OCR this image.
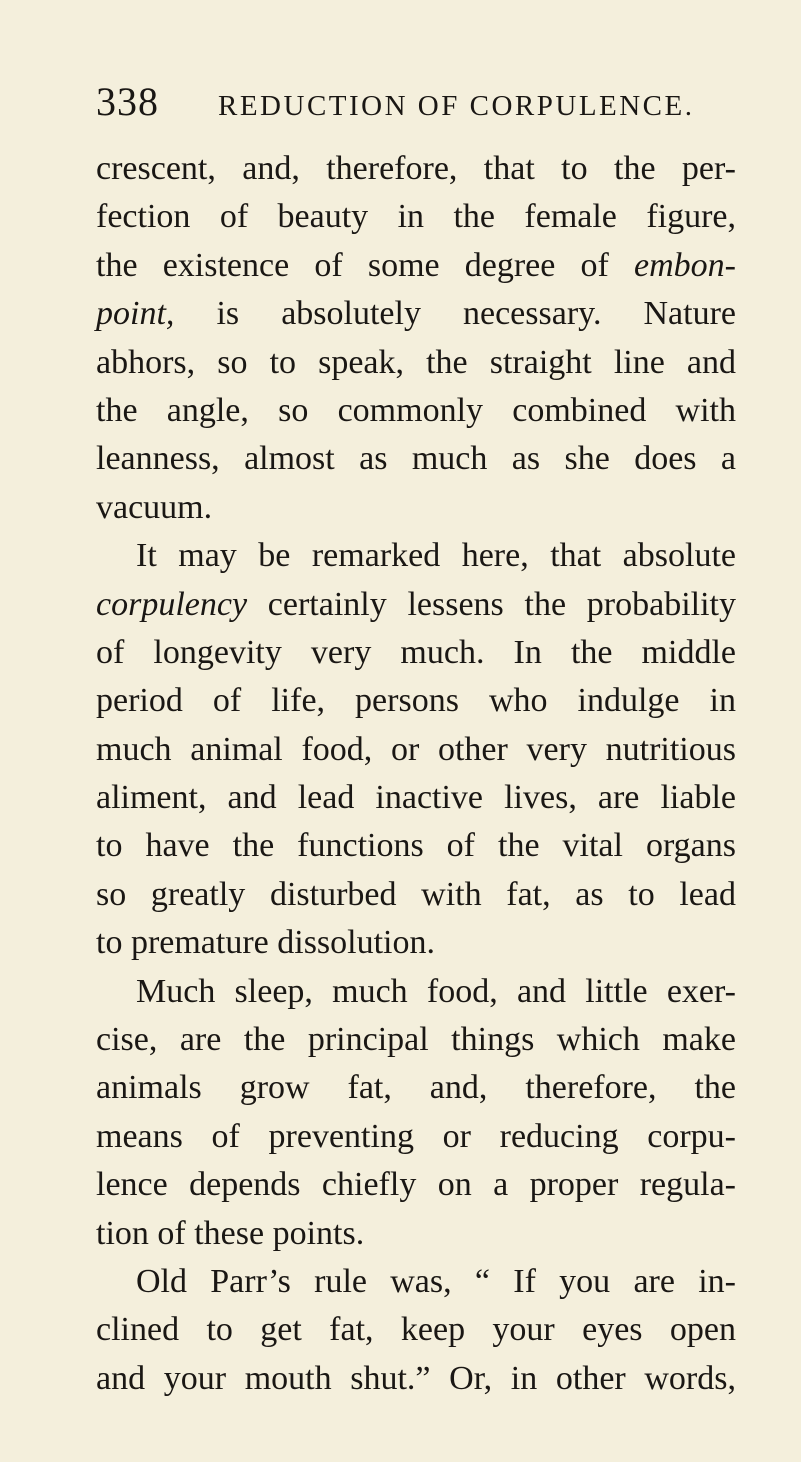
338 REDUCTION OF CORPULENCE.
crescent, and, therefore, that to the per-
fection of beauty in the female figure,
the existence of some degree of embon-
point, is absolutely necessary. Nature
abhors, so to speak, the straight line and
the angle, so commonly combined with
leanness, almost as much as she does a
vacuum.
It may be remarked here, that absolute
corpulency certainly lessens the probability
of longevity very much. In the middle
period of life, persons who indulge in
much animal food, or other very nutritious
aliment, and lead inactive lives, are liable
to have the functions of the vital organs
so greatly disturbed with fat, as to lead
to premature dissolution.
Much sleep, much food, and little exer-
cise, are the principal things which make
animals grow fat, and, therefore, the
means of preventing or reducing corpu-
lence depends chiefly on a proper regula-
tion of these points.
Old Parr’s rule was, “ If you are in-
clined to get fat, keep your eyes open
and your mouth shut.” Or, in other words,
